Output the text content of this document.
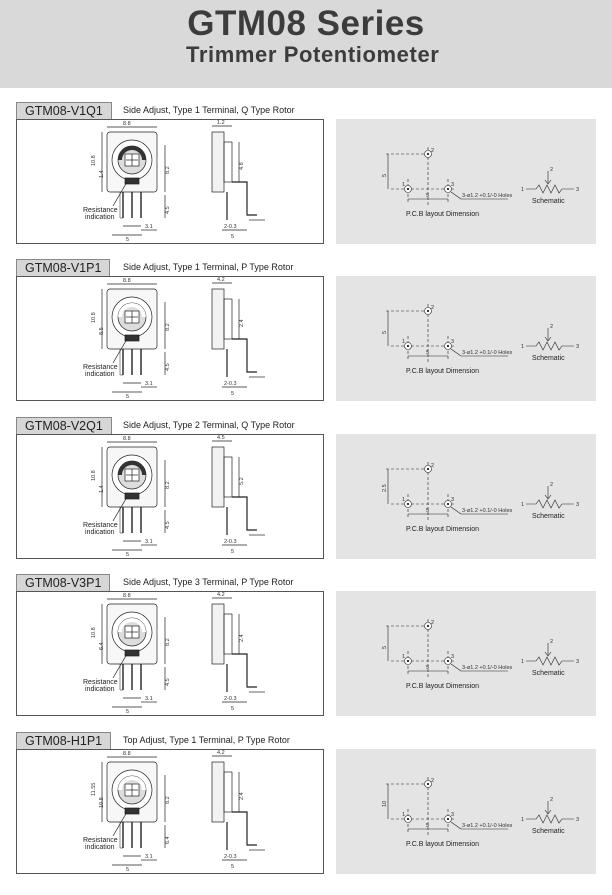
GTM08 Series
Trimmer Potentiometer
GTM08-V1Q1	Side Adjust, Type 1 Terminal, Q Type Rotor
8.8
10.8
1.4
8.2
4.5
3.1
5
1.2
4.8
2-0.3
5
Resistance
indication
2
1	3
5
5	3-ø1.2 +0.1/-0 Holes
P.C.B layout Dimension
1
2
3
Schematic
GTM08-V1P1	Side Adjust, Type 1 Terminal, P Type Rotor
8.8
10.8
8.5
8.2
4.5
3.1
5
4.2
2.4
2-0.3
5
Resistance
indication
2
1	3
5
5	3-ø1.2 +0.1/-0 Holes
P.C.B layout Dimension
1
2
3
Schematic
GTM08-V2Q1	Side Adjust, Type 2 Terminal, Q Type Rotor
8.8
10.8
1.4
8.2
4.5
3.1
5
4.5
5.2
2-0.3
5
Resistance
indication
2
1	3
2.5
5	3-ø1.2 +0.1/-0 Holes
P.C.B layout Dimension
1
2
3
Schematic
GTM08-V3P1	Side Adjust, Type 3 Terminal, P Type Rotor
8.8
10.8
6.4
8.2
4.5
3.1
5
4.2
2.4
2-0.3
5
Resistance
indication
2
1	3
5
5	3-ø1.2 +0.1/-0 Holes
P.C.B layout Dimension
1
2
3
Schematic
GTM08-H1P1	Top Adjust, Type 1 Terminal, P Type Rotor
8.8
11.55
10.8	8.2
6.4
3.1
5
4.2
2.4
2-0.3
5
Resistance
indication
2
1	3
10
5	3-ø1.2 +0.1/-0 Holes
P.C.B layout Dimension
1
2
3
Schematic
